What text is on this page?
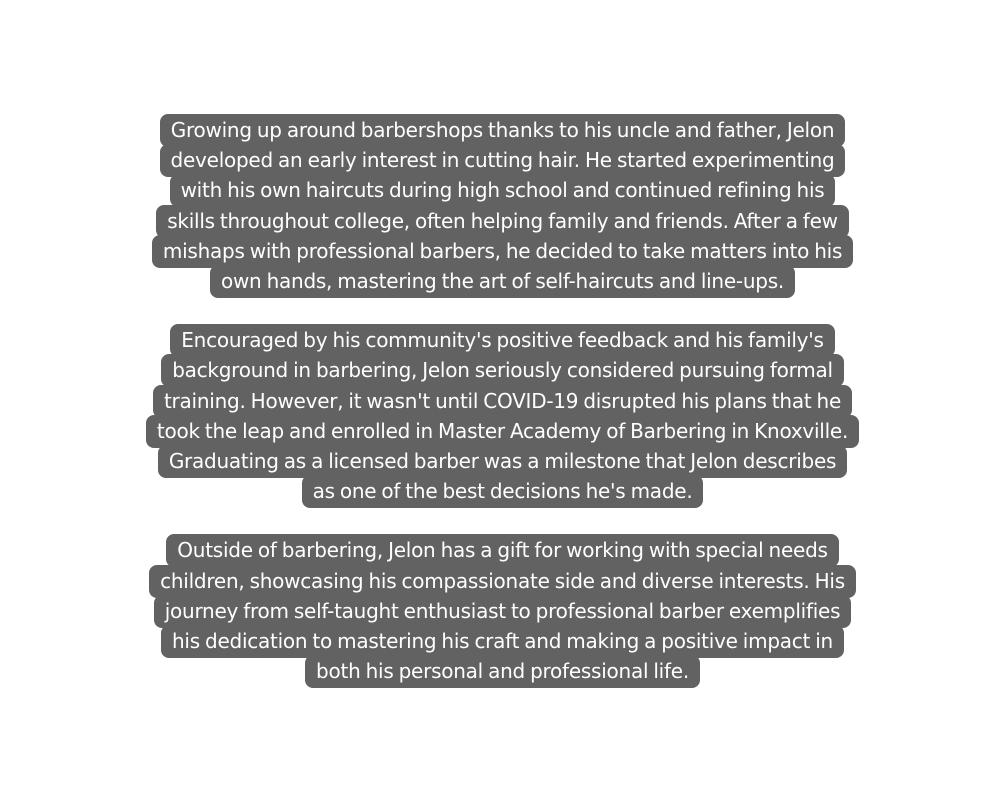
Growing up around barbershops thanks to his uncle and father, Jelon
developed an early interest in cutting hair. He started experimenting
with his own haircuts during high school and continued refining his
skills throughout college, often helping family and friends. After a few
mishaps with professional barbers, he decided to take matters into his
own hands, mastering the art of self-haircuts and line-ups.
Encouraged by his community's positive feedback and his family's
background in barbering, Jelon seriously considered pursuing formal
training. However, it wasn't until COVID-19 disrupted his plans that he
took the leap and enrolled in Master Academy of Barbering in Knoxville.
Graduating as a licensed barber was a milestone that Jelon describes
as one of the best decisions he's made.
Outside of barbering, Jelon has a gift for working with special needs
children, showcasing his compassionate side and diverse interests. His
journey from self-taught enthusiast to professional barber exemplifies
his dedication to mastering his craft and making a positive impact in
both his personal and professional life.
